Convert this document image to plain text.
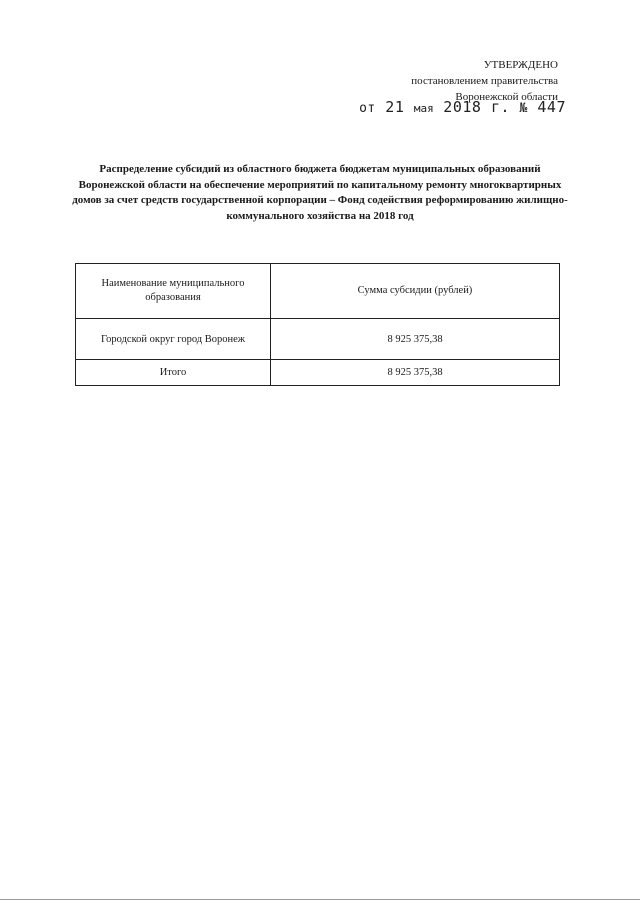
УТВЕРЖДЕНО
постановлением правительства
Воронежской области
от 21 мая 2018 г. № 447
Распределение субсидий из областного бюджета бюджетам муниципальных образований Воронежской области на обеспечение мероприятий по капитальному ремонту многоквартирных домов за счет средств государственной корпорации – Фонд содействия реформированию жилищно-коммунального хозяйства на 2018 год
Наименование муниципального образования	Сумма субсидии (рублей)
Городской округ город Воронеж	8 925 375,38
Итого	8 925 375,38
